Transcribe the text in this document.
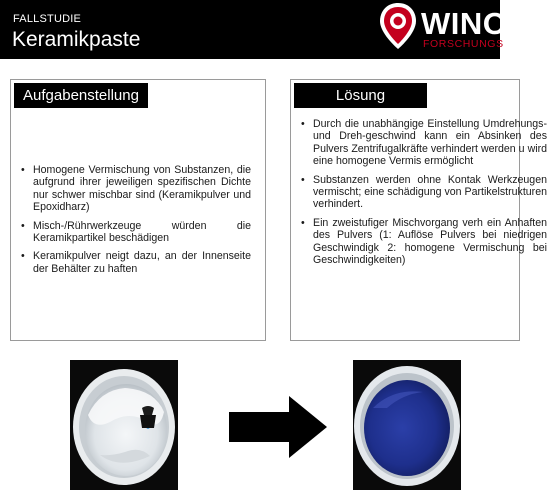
FALLSTUDIE
Keramikpaste	WINOI
FORSCHUNGS
Aufgabenstellung
• Homogene Vermischung von Substanzen, die aufgrund ihrer jeweiligen spezifischen Dichte nur schwer mischbar sind (Keramikpulver und Epoxidharz)
• Misch-/Rührwerkzeuge würden die Keramikpartikel beschädigen
• Keramikpulver neigt dazu, an der Innenseite der Behälter zu haften
Lösung
• Durch die unabhängige Einstellung Umdrehungs- und Dreh-geschwind kann ein Absinken des Pulvers Zentrifugalkräfte verhindert werden u wird eine homogene Vermis ermöglicht
• Substanzen werden ohne Kontak Werkzeugen vermischt; eine schädigung von Partikelstrukturen verhindert.
• Ein zweistufiger Mischvorgang verh ein Anhaften des Pulvers (1: Auflöse Pulvers bei niedrigen Geschwindigk 2: homogene Vermischung bei Geschwindigkeiten)
